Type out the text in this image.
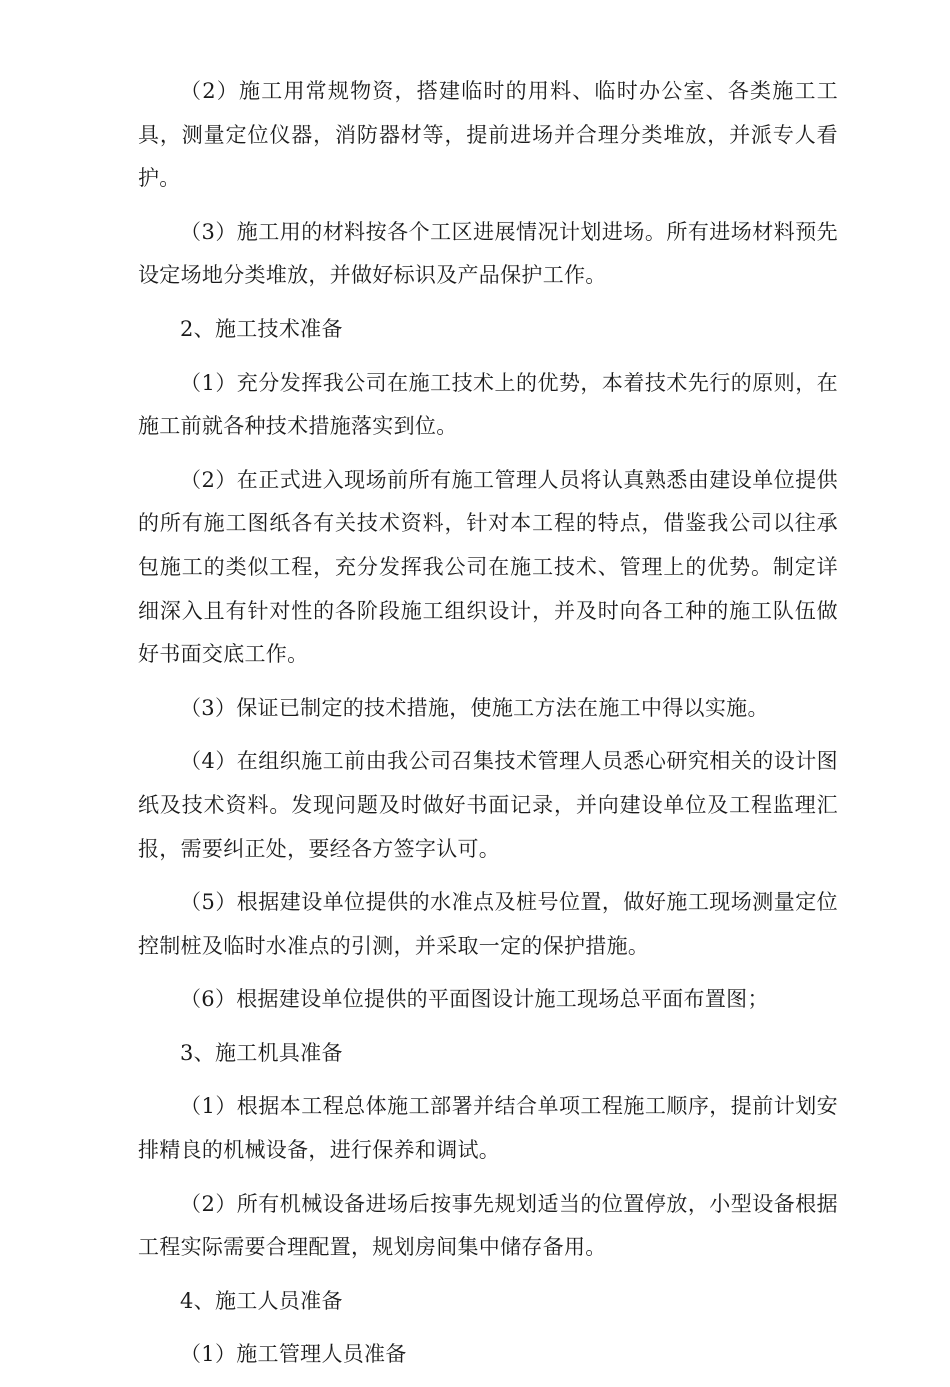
（2）施工用常规物资，搭建临时的用料、临时办公室、各类施工工具，测量定位仪器，消防器材等，提前进场并合理分类堆放，并派专人看护。

（3）施工用的材料按各个工区进展情况计划进场。所有进场材料预先设定场地分类堆放，并做好标识及产品保护工作。

2、施工技术准备

（1）充分发挥我公司在施工技术上的优势，本着技术先行的原则，在施工前就各种技术措施落实到位。

（2）在正式进入现场前所有施工管理人员将认真熟悉由建设单位提供的所有施工图纸各有关技术资料，针对本工程的特点，借鉴我公司以往承包施工的类似工程，充分发挥我公司在施工技术、管理上的优势。制定详细深入且有针对性的各阶段施工组织设计，并及时向各工种的施工队伍做好书面交底工作。

（3）保证已制定的技术措施，使施工方法在施工中得以实施。

（4）在组织施工前由我公司召集技术管理人员悉心研究相关的设计图纸及技术资料。发现问题及时做好书面记录，并向建设单位及工程监理汇报，需要纠正处，要经各方签字认可。

（5）根据建设单位提供的水准点及桩号位置，做好施工现场测量定位控制桩及临时水准点的引测，并采取一定的保护措施。

（6）根据建设单位提供的平面图设计施工现场总平面布置图；

3、施工机具准备

（1）根据本工程总体施工部署并结合单项工程施工顺序，提前计划安排精良的机械设备，进行保养和调试。

（2）所有机械设备进场后按事先规划适当的位置停放，小型设备根据工程实际需要合理配置，规划房间集中储存备用。

4、施工人员准备

（1）施工管理人员准备
